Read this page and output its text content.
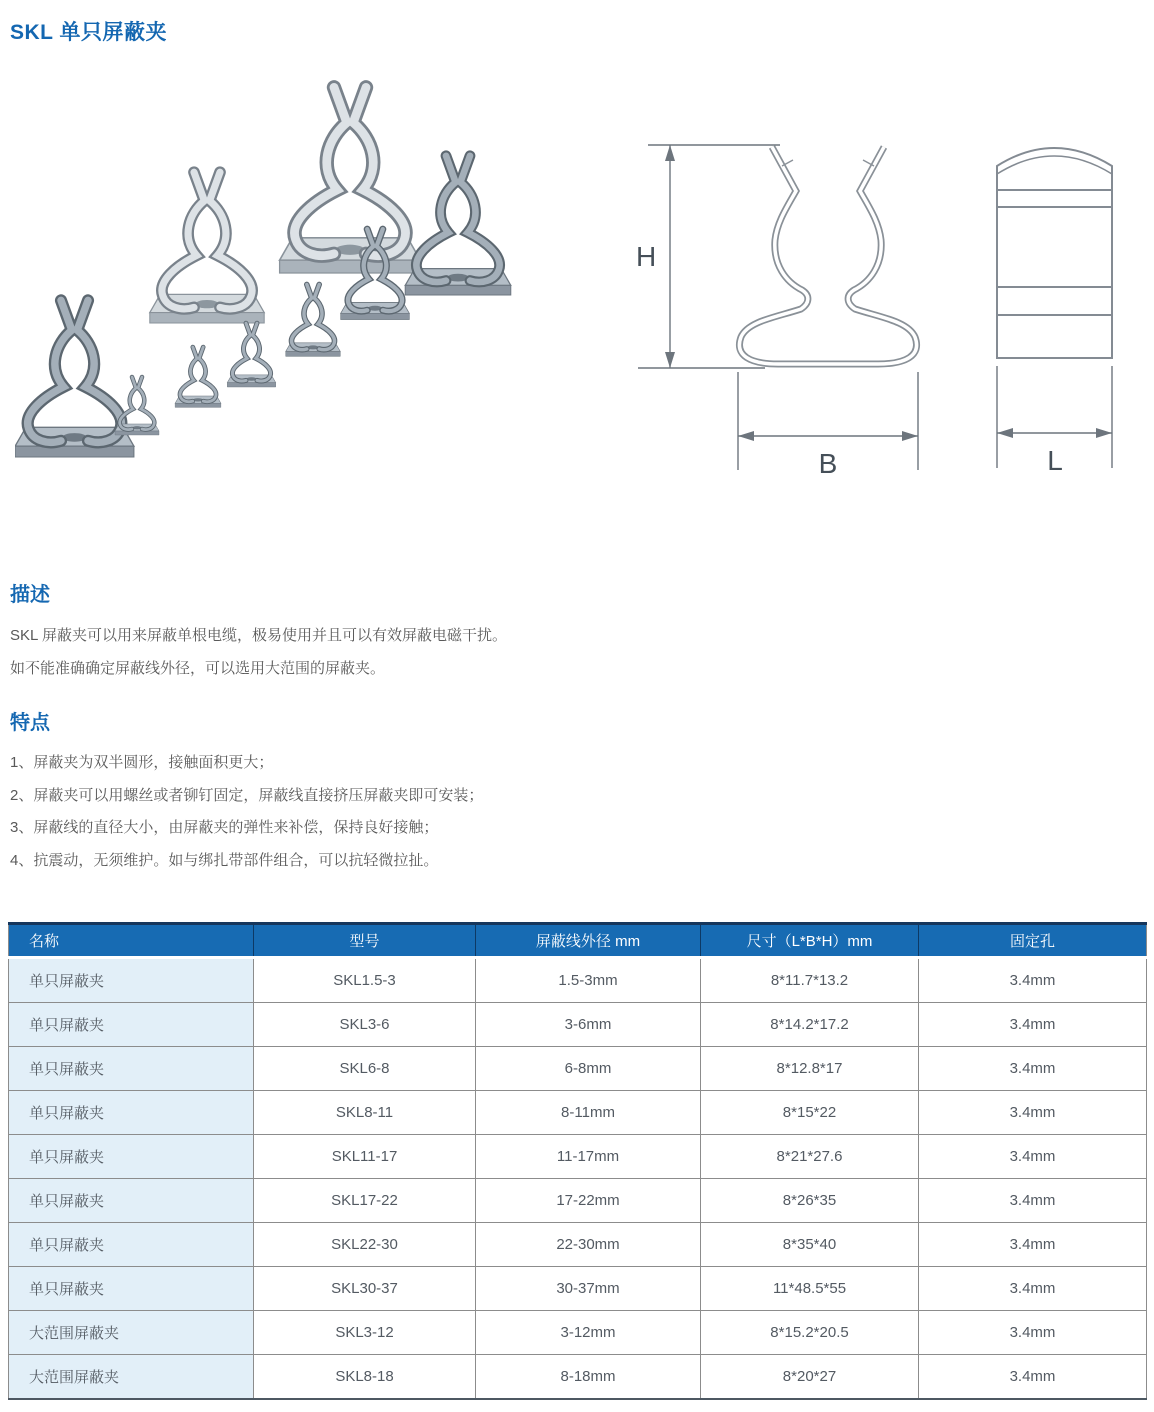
SKL 单只屏蔽夹
H
B	L
描述
SKL 屏蔽夹可以用来屏蔽单根电缆，极易使用并且可以有效屏蔽电磁干扰。
如不能准确确定屏蔽线外径，可以选用大范围的屏蔽夹。
特点
1、屏蔽夹为双半圆形，接触面积更大；
2、屏蔽夹可以用螺丝或者铆钉固定，屏蔽线直接挤压屏蔽夹即可安装；
3、屏蔽线的直径大小，由屏蔽夹的弹性来补偿，保持良好接触；
4、抗震动，无须维护。如与绑扎带部件组合，可以抗轻微拉扯。
名称	型号	屏蔽线外径 mm	尺寸（L*B*H）mm	固定孔
单只屏蔽夹	SKL1.5-3	1.5-3mm	8*11.7*13.2	3.4mm
单只屏蔽夹	SKL3-6	3-6mm	8*14.2*17.2	3.4mm
单只屏蔽夹	SKL6-8	6-8mm	8*12.8*17	3.4mm
单只屏蔽夹	SKL8-11	8-11mm	8*15*22	3.4mm
单只屏蔽夹	SKL11-17	11-17mm	8*21*27.6	3.4mm
单只屏蔽夹	SKL17-22	17-22mm	8*26*35	3.4mm
单只屏蔽夹	SKL22-30	22-30mm	8*35*40	3.4mm
单只屏蔽夹	SKL30-37	30-37mm	11*48.5*55	3.4mm
大范围屏蔽夹	SKL3-12	3-12mm	8*15.2*20.5	3.4mm
大范围屏蔽夹	SKL8-18	8-18mm	8*20*27	3.4mm
